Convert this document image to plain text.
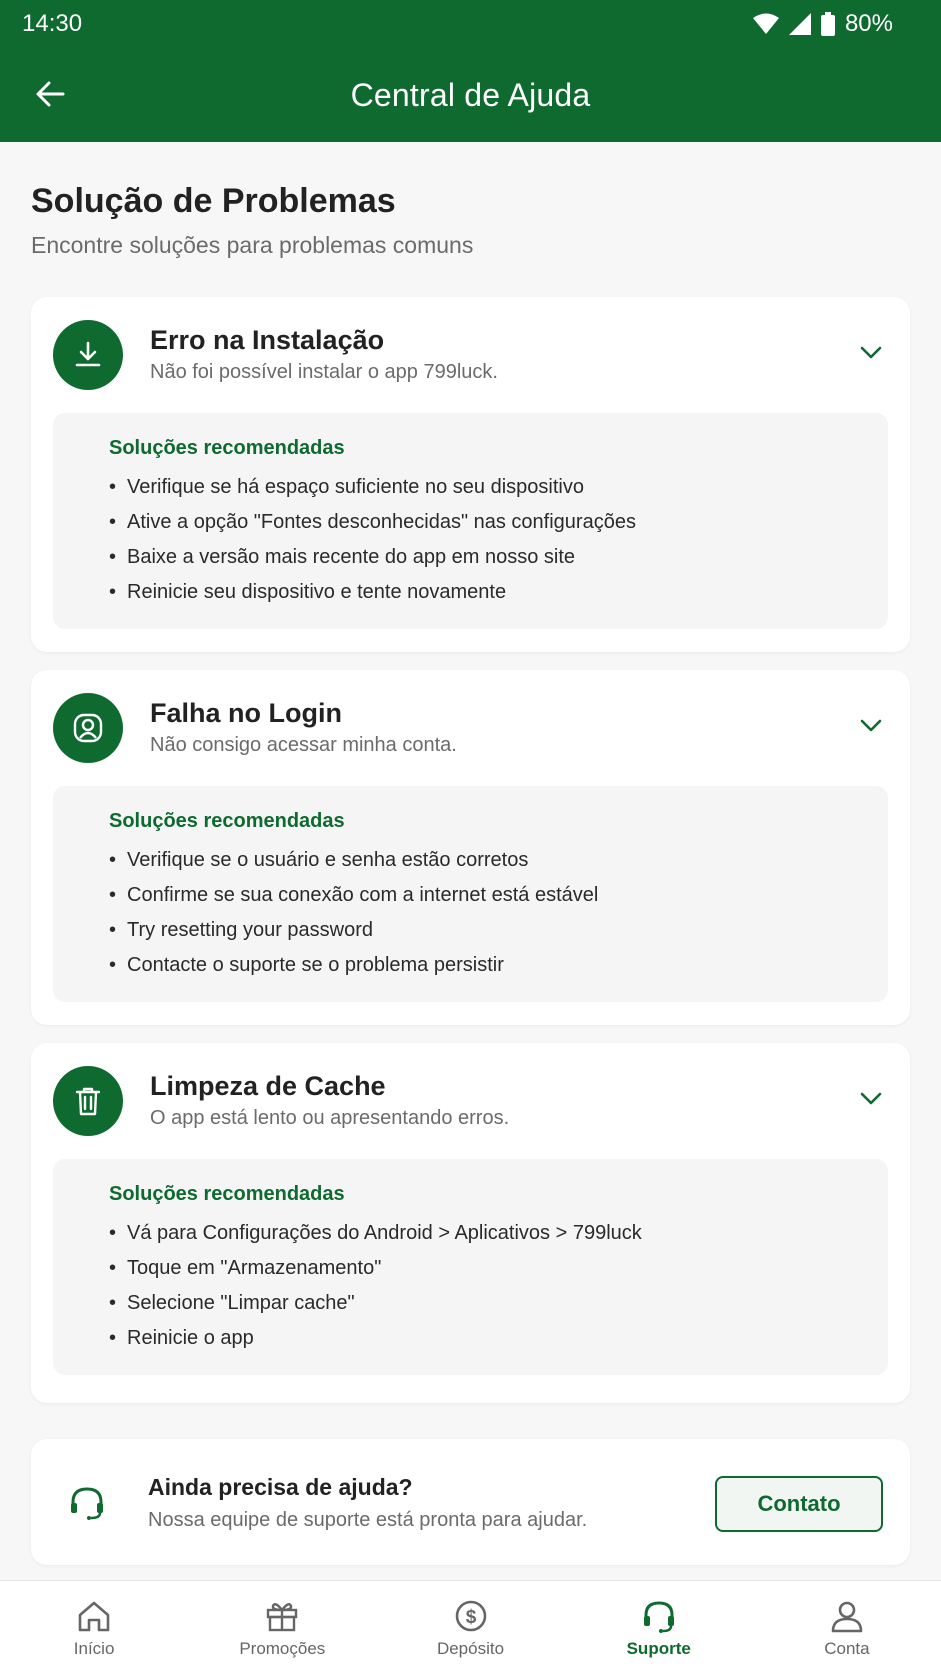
14:30	80%
Central de Ajuda
Solução de Problemas
Encontre soluções para problemas comuns
Erro na Instalação
Não foi possível instalar o app 799luck.
Soluções recomendadas
• Verifique se há espaço suficiente no seu dispositivo
• Ative a opção "Fontes desconhecidas" nas configurações
• Baixe a versão mais recente do app em nosso site
• Reinicie seu dispositivo e tente novamente
Falha no Login
Não consigo acessar minha conta.
Soluções recomendadas
• Verifique se o usuário e senha estão corretos
• Confirme se sua conexão com a internet está estável
• Try resetting your password
• Contacte o suporte se o problema persistir
Limpeza de Cache
O app está lento ou apresentando erros.
Soluções recomendadas
• Vá para Configurações do Android > Aplicativos > 799luck
• Toque em "Armazenamento"
• Selecione "Limpar cache"
• Reinicie o app
Ainda precisa de ajuda?
Nossa equipe de suporte está pronta para ajudar.
Contato
Início	Promoções
$
Depósito	Suporte	Conta
